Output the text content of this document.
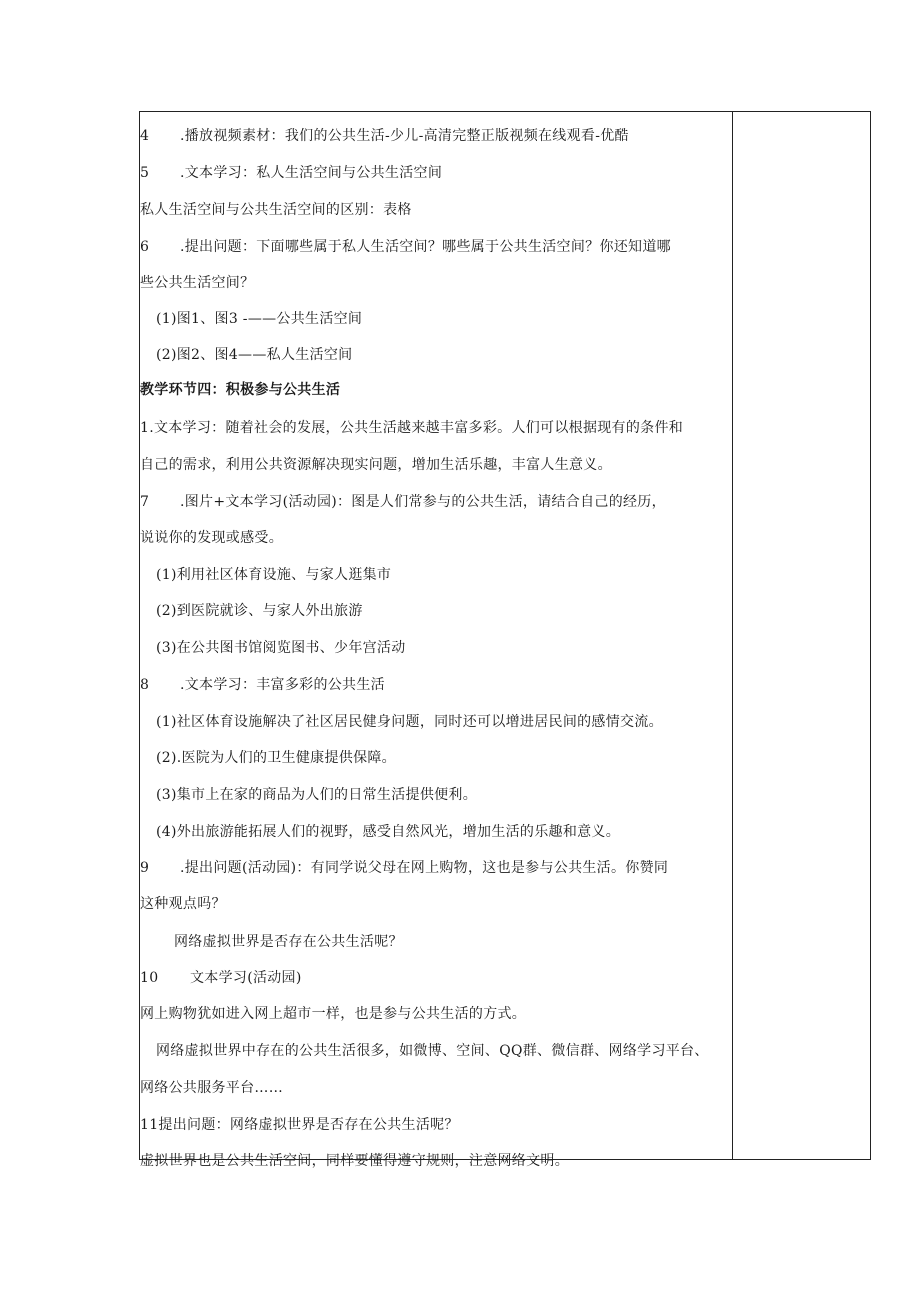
4 .播放视频素材：我们的公共生活-少儿-高清完整正版视频在线观看-优酷
5 .文本学习：私人生活空间与公共生活空间
私人生活空间与公共生活空间的区别：表格
6 .提出问题：下面哪些属于私人生活空间？哪些属于公共生活空间？你还知道哪
些公共生活空间？
(1)图1、图3 -——公共生活空间
(2)图2、图4——私人生活空间
教学环节四：积极参与公共生活
1.文本学习：随着社会的发展，公共生活越来越丰富多彩。人们可以根据现有的条件和
自己的需求，利用公共资源解决现实问题，增加生活乐趣，丰富人生意义。
7 .图片+文本学习(活动园)：图是人们常参与的公共生活，请结合自己的经历，
说说你的发现或感受。
(1)利用社区体育设施、与家人逛集市
(2)到医院就诊、与家人外出旅游
(3)在公共图书馆阅览图书、少年宫活动
8 .文本学习：丰富多彩的公共生活
(1)社区体育设施解决了社区居民健身问题，同时还可以增进居民间的感情交流。
(2).医院为人们的卫生健康提供保障。
(3)集市上在家的商品为人们的日常生活提供便利。
(4)外出旅游能拓展人们的视野，感受自然风光，增加生活的乐趣和意义。
9 .提出问题(活动园)：有同学说父母在网上购物，这也是参与公共生活。你赞同
这种观点吗？
网络虚拟世界是否存在公共生活呢？
10 文本学习(活动园)
网上购物犹如进入网上超市一样，也是参与公共生活的方式。
网络虚拟世界中存在的公共生活很多，如微博、空间、QQ群、微信群、网络学习平台、
网络公共服务平台……
11提出问题：网络虚拟世界是否存在公共生活呢？
虚拟世界也是公共生活空间，同样要懂得遵守规则，注意网络文明。
